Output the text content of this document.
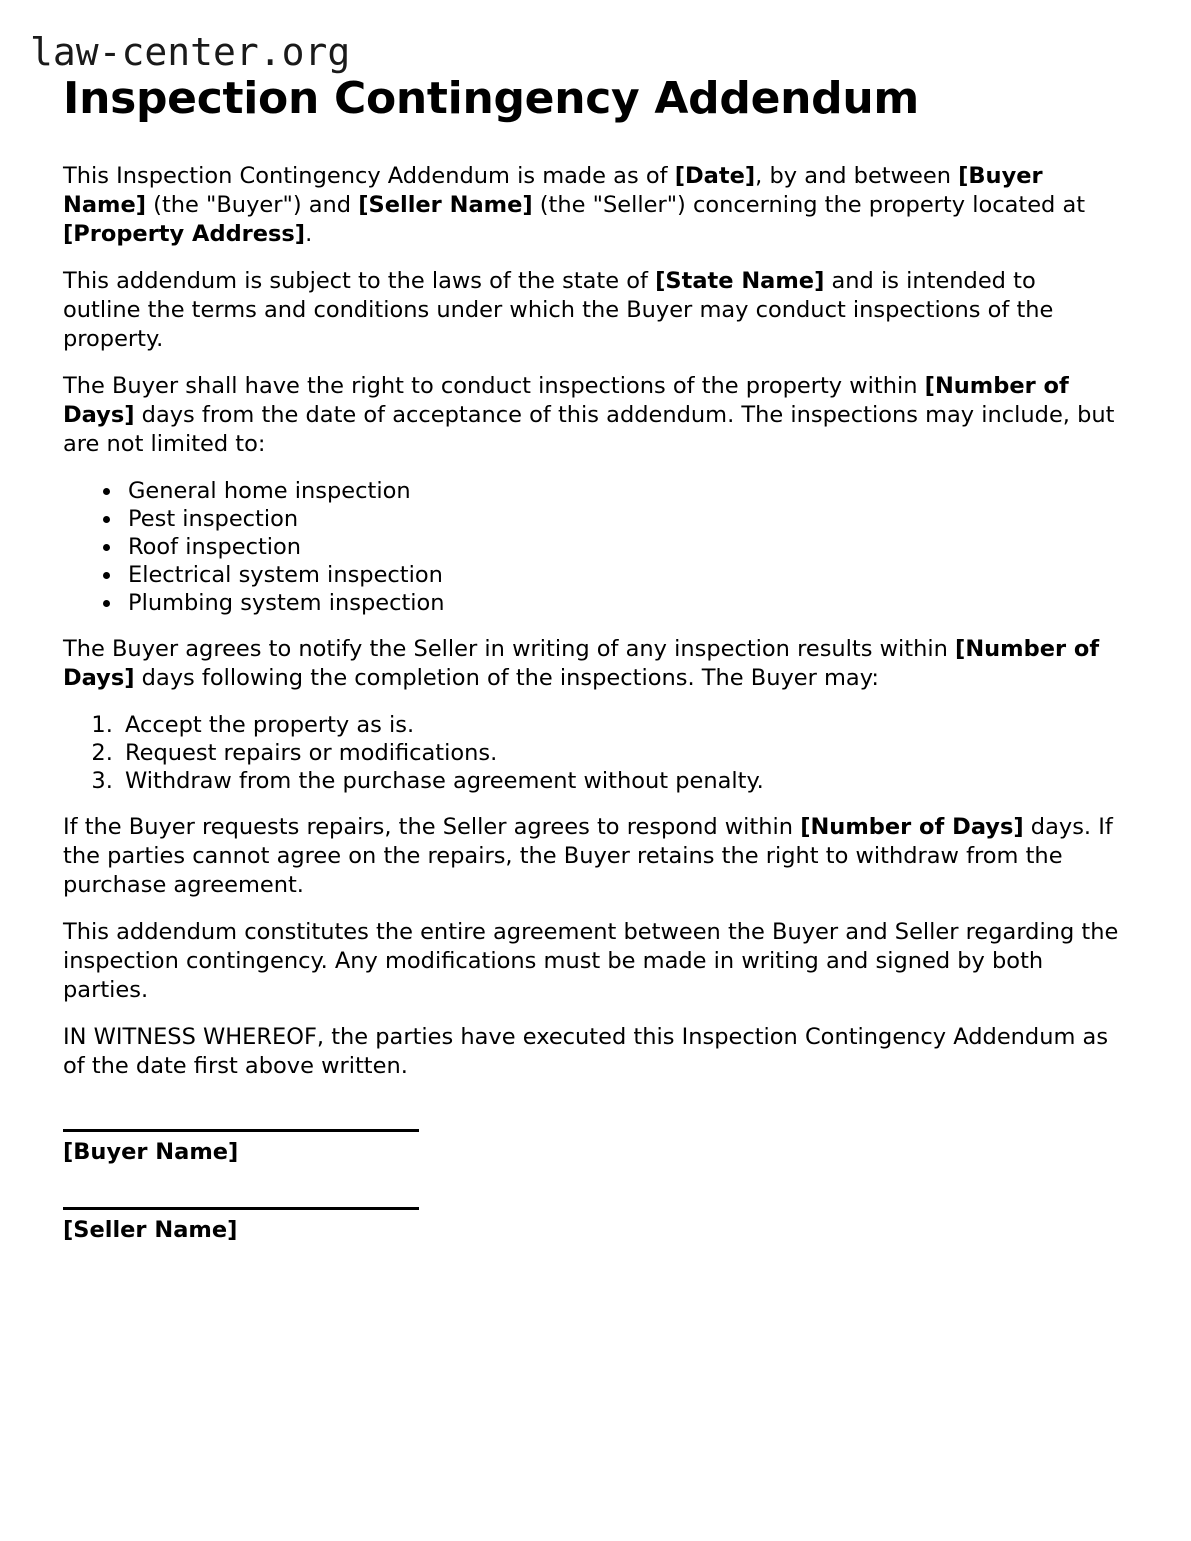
law-center.org
Inspection Contingency Addendum

This Inspection Contingency Addendum is made as of [Date], by and between [Buyer Name] (the "Buyer") and [Seller Name] (the "Seller") concerning the property located at [Property Address].

This addendum is subject to the laws of the state of [State Name] and is intended to outline the terms and conditions under which the Buyer may conduct inspections of the property.

The Buyer shall have the right to conduct inspections of the property within [Number of Days] days from the date of acceptance of this addendum. The inspections may include, but are not limited to:

• General home inspection
• Pest inspection
• Roof inspection
• Electrical system inspection
• Plumbing system inspection

The Buyer agrees to notify the Seller in writing of any inspection results within [Number of Days] days following the completion of the inspections. The Buyer may:

1. Accept the property as is.
2. Request repairs or modifications.
3. Withdraw from the purchase agreement without penalty.

If the Buyer requests repairs, the Seller agrees to respond within [Number of Days] days. If the parties cannot agree on the repairs, the Buyer retains the right to withdraw from the purchase agreement.

This addendum constitutes the entire agreement between the Buyer and Seller regarding the inspection contingency. Any modifications must be made in writing and signed by both parties.

IN WITNESS WHEREOF, the parties have executed this Inspection Contingency Addendum as of the date first above written.

[Buyer Name]
[Seller Name]
